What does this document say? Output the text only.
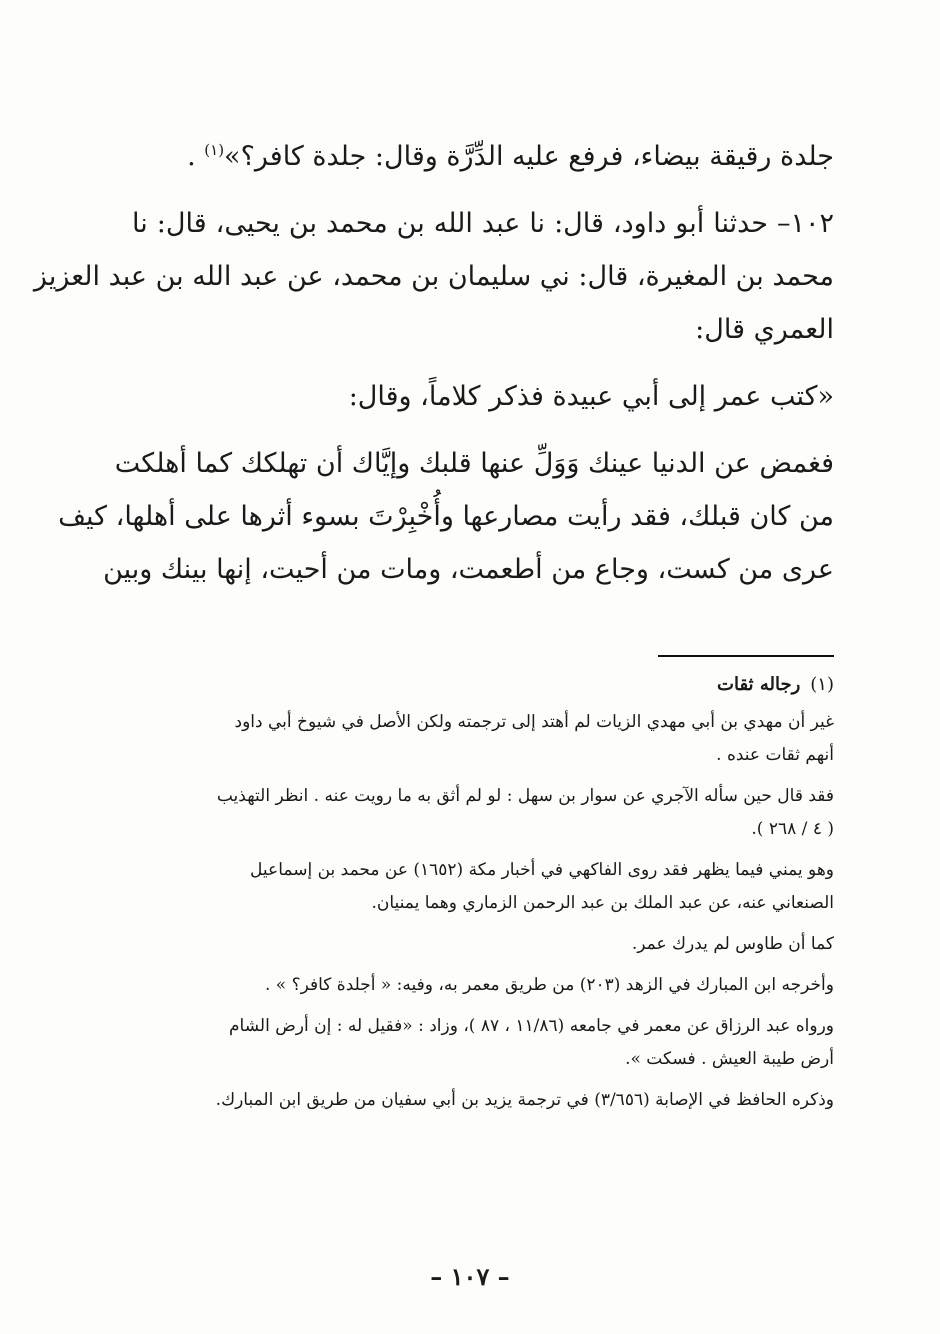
جلدة رقيقة بيضاء، فرفع عليه الدِّرَّة وقال: جلدة كافر؟»$^{(١)}$ .

١٠٢– حدثنا أبو داود، قال: نا عبد الله بن محمد بن يحيى، قال: نا

محمد بن المغيرة، قال: ني سليمان بن محمد، عن عبد الله بن عبد العزيز

العمري قال:

«كتب عمر إلى أبي عبيدة فذكر كلاماً، وقال:

فغمض عن الدنيا عينك وَوَلِّ عنها قلبك وإيَّاك أن تهلكك كما أهلكت

من كان قبلك، فقد رأيت مصارعها وأُخْبِرْتَ بسوء أثرها على أهلها، كيف

عرى من كست، وجاع من أطعمت، ومات من أحيت، إنها بينك وبين

(١)رجاله ثقات

غير أن مهدي بن أبي مهدي الزيات لم أهتد إلى ترجمته ولكن الأصل في شيوخ أبي داود
أنهم ثقات عنده .

فقد قال حين سأله الآجري عن سوار بن سهل : لو لم أثق به ما رويت عنه . انظر التهذيب
( ٤ / ٢٦٨ ).

وهو يمني فيما يظهر فقد روى الفاكهي في أخبار مكة (١٦٥٢) عن محمد بن إسماعيل
الصنعاني عنه، عن عبد الملك بن عبد الرحمن الزماري وهما يمنيان.

كما أن طاوس لم يدرك عمر.

وأخرجه ابن المبارك في الزهد (٢٠٣) من طريق معمر به، وفيه: « أجلدة كافر؟ » .

ورواه عبد الرزاق عن معمر في جامعه (١١/٨٦ ، ٨٧ )، وزاد : «فقيل له : إن أرض الشام
أرض طيبة العيش . فسكت ».

وذكره الحافظ في الإصابة (٣/٦٥٦) في ترجمة يزيد بن أبي سفيان من طريق ابن المبارك.

– ١٠٧ –
